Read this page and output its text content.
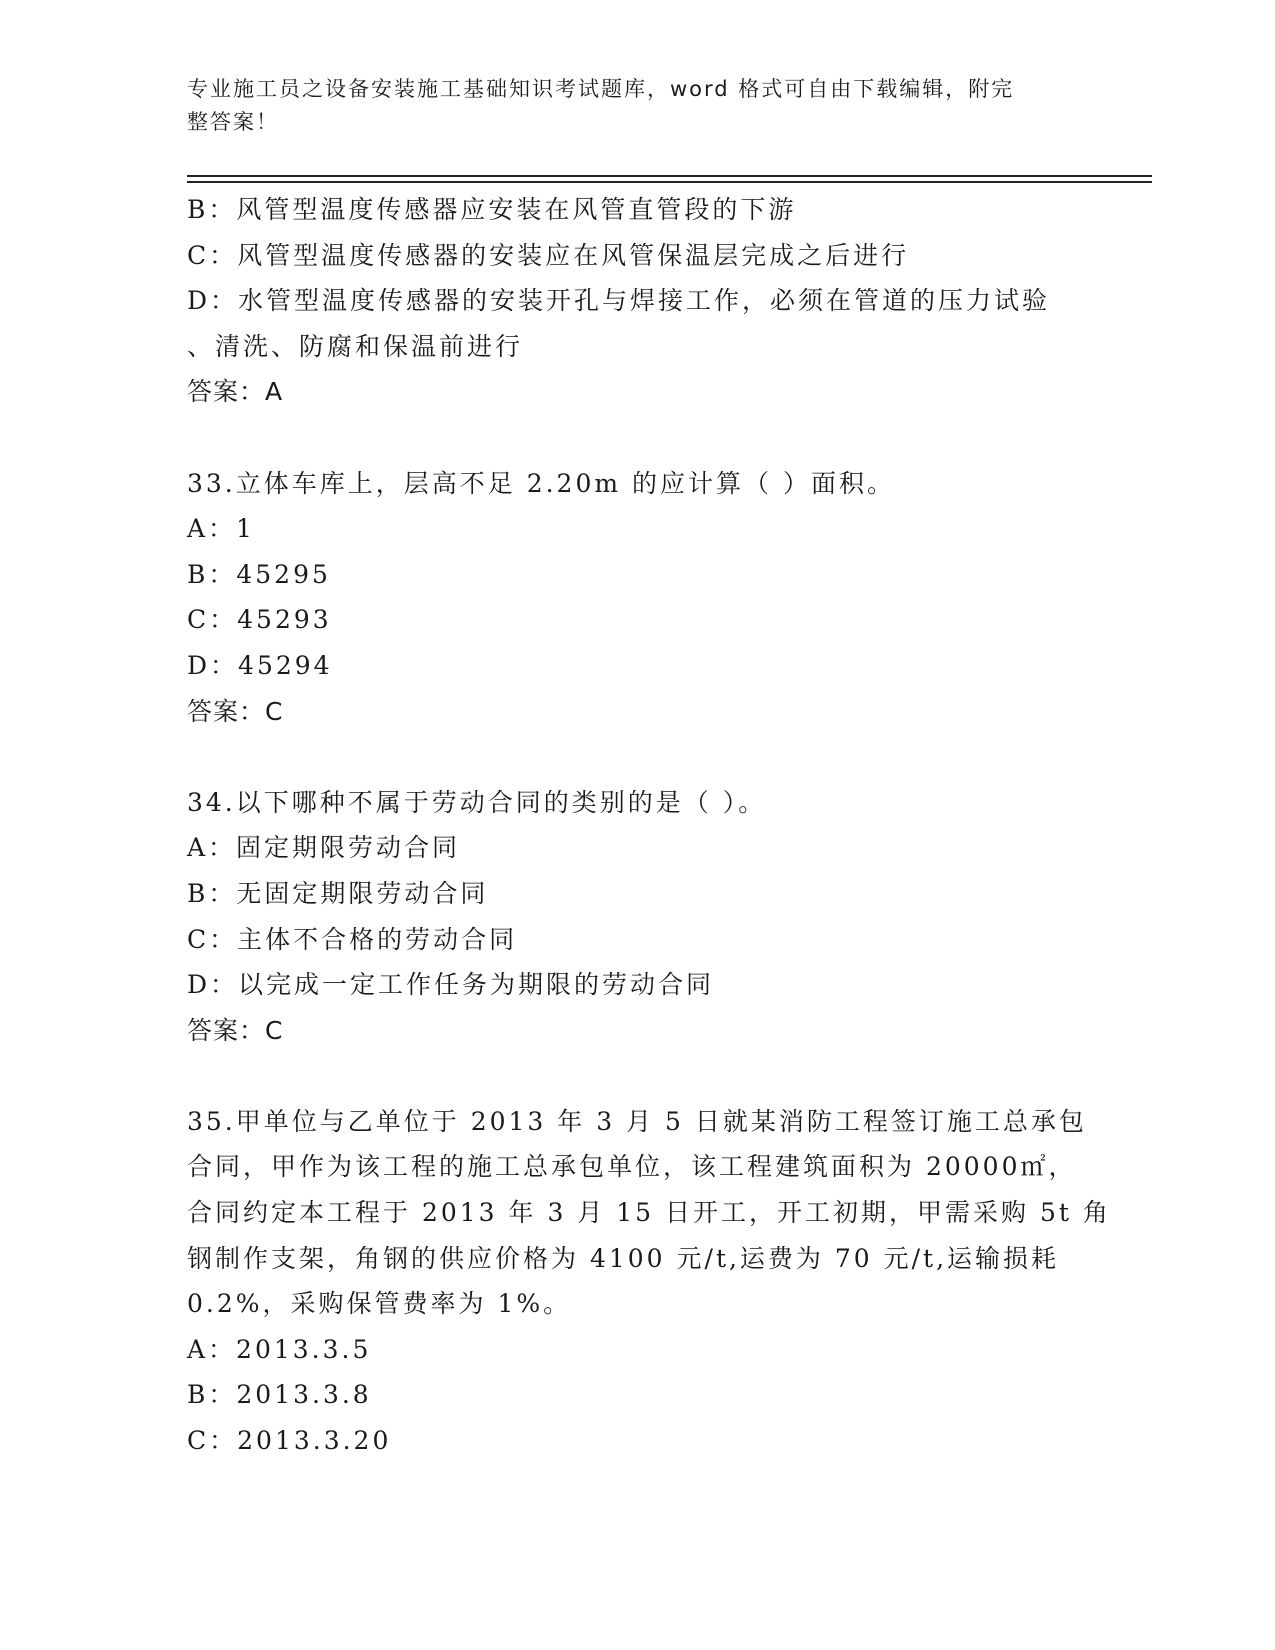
专业施工员之设备安装施工基础知识考试题库，word 格式可自由下载编辑，附完
整答案！
B：风管型温度传感器应安装在风管直管段的下游
C：风管型温度传感器的安装应在风管保温层完成之后进行
D：水管型温度传感器的安装开孔与焊接工作，必须在管道的压力试验
、清洗、防腐和保温前进行
答案：A
33.立体车库上，层高不足 2.20m 的应计算（ ）面积。
A：1
B：45295
C：45293
D：45294
答案：C
34.以下哪种不属于劳动合同的类别的是（ ）。
A：固定期限劳动合同
B：无固定期限劳动合同
C：主体不合格的劳动合同
D：以完成一定工作任务为期限的劳动合同
答案：C
35.甲单位与乙单位于 2013 年 3 月 5 日就某消防工程签订施工总承包
合同，甲作为该工程的施工总承包单位，该工程建筑面积为 20000㎡，
合同约定本工程于 2013 年 3 月 15 日开工，开工初期，甲需采购 5t 角
钢制作支架，角钢的供应价格为 4100 元/t,运费为 70 元/t,运输损耗
0.2%，采购保管费率为 1%。
A：2013.3.5
B：2013.3.8
C：2013.3.20
